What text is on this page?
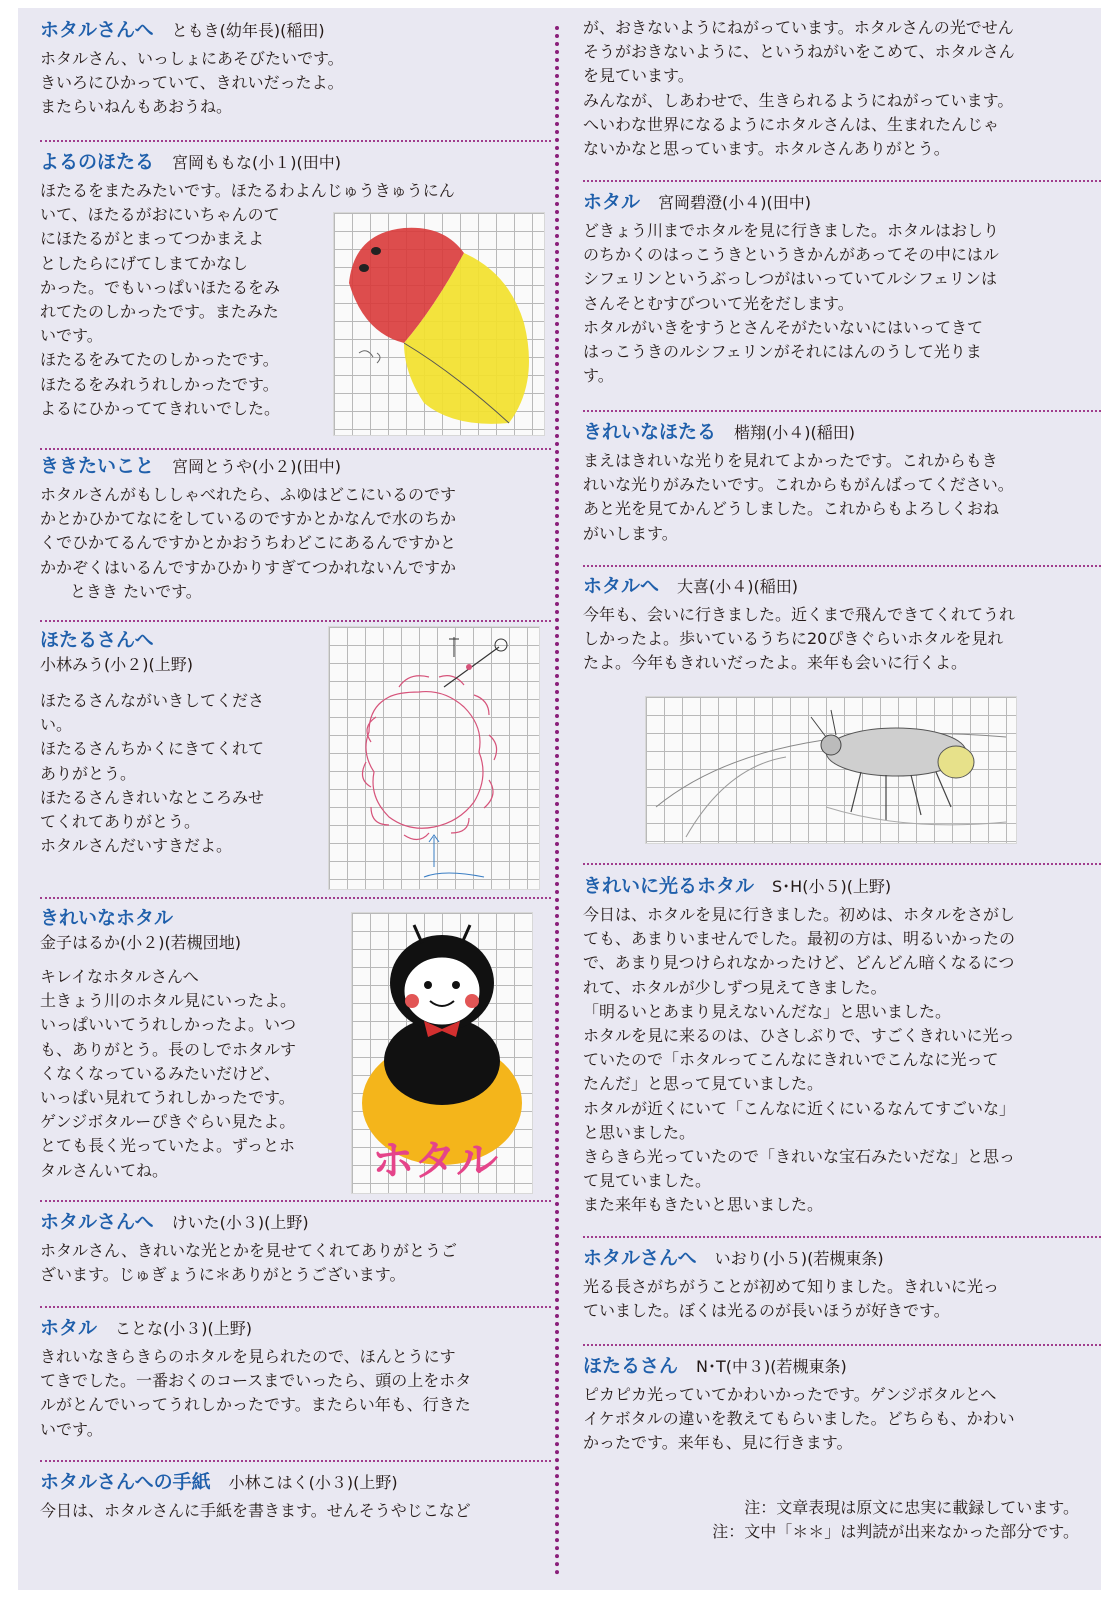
ホタルさんへ ともき(幼年長)(稲田)

ホタルさん、いっしょにあそびたいです。

きいろにひかっていて、きれいだったよ。

またらいねんもあおうね。

よるのほたる 宮岡ももな(小１)(田中)

ほたるをまたみたいです。ほたるわよんじゅうきゅうにん

いて、ほたるがおにいちゃんのて

にほたるがとまってつかまえよ

としたらにげてしまてかなし

かった。でもいっぱいほたるをみ

れてたのしかったです。またみた

いです。

ほたるをみてたのしかったです。

ほたるをみれうれしかったです。

よるにひかっててきれいでした。

ききたいこと 宮岡とうや(小２)(田中)

ホタルさんがもししゃべれたら、ふゆはどこにいるのです

かとかひかてなにをしているのですかとかなんで水のちか

くでひかてるんですかとかおうちわどこにあるんですかと

かかぞくはいるんですかひかりすぎてつかれないんですか

ときき たいです。

ほたるさんへ
小林みう(小２)(上野)

ほたるさんながいきしてくださ

い。

ほたるさんちかくにきてくれて

ありがとう。

ほたるさんきれいなところみせ

てくれてありがとう。

ホタルさんだいすきだよ。

きれいなホタル
金子はるか(小２)(若槻団地)

キレイなホタルさんへ

土きょう川のホタル見にいったよ。

いっぱいいてうれしかったよ。いつ

も、ありがとう。長のしでホタルす

くなくなっているみたいだけど、

いっぱい見れてうれしかったです。

ゲンジボタルーぴきぐらい見たよ。

とても長く光っていたよ。ずっとホ

タルさんいてね。	ホタル
ホタルさんへ けいた(小３)(上野)

ホタルさん、きれいな光とかを見せてくれてありがとうご

ざいます。じゅぎょうに＊ありがとうございます。

ホタル ことな(小３)(上野)

きれいなきらきらのホタルを見られたので、ほんとうにす

てきでした。一番おくのコースまでいったら、頭の上をホタ

ルがとんでいってうれしかったです。またらい年も、行きた

いです。

ホタルさんへの手紙 小林こはく(小３)(上野)

今日は、ホタルさんに手紙を書きます。せんそうやじこなど

が、おきないようにねがっています。ホタルさんの光でせん

そうがおきないように、というねがいをこめて、ホタルさん

を見ています。

みんなが、しあわせで、生きられるようにねがっています。

へいわな世界になるようにホタルさんは、生まれたんじゃ

ないかなと思っています。ホタルさんありがとう。

ホタル 宮岡碧澄(小４)(田中)

どきょう川までホタルを見に行きました。ホタルはおしり

のちかくのはっこうきというきかんがあってその中にはル

シフェリンというぶっしつがはいっていてルシフェリンは

さんそとむすびついて光をだします。

ホタルがいきをすうとさんそがたいないにはいってきて

はっこうきのルシフェリンがそれにはんのうして光りま

す。

きれいなほたる 楷翔(小４)(稲田)

まえはきれいな光りを見れてよかったです。これからもき

れいな光りがみたいです。これからもがんばってください。

あと光を見てかんどうしました。これからもよろしくおね

がいします。

ホタルへ 大喜(小４)(稲田)

今年も、会いに行きました。近くまで飛んできてくれてうれ

しかったよ。歩いているうちに20ぴきぐらいホタルを見れ

たよ。今年もきれいだったよ。来年も会いに行くよ。

きれいに光るホタル S･H(小５)(上野)

今日は、ホタルを見に行きました。初めは、ホタルをさがし

ても、あまりいませんでした。最初の方は、明るいかったの

で、あまり見つけられなかったけど、どんどん暗くなるにつ

れて、ホタルが少しずつ見えてきました。

「明るいとあまり見えないんだな」と思いました。

ホタルを見に来るのは、ひさしぶりで、すごくきれいに光っ

ていたので「ホタルってこんなにきれいでこんなに光って

たんだ」と思って見ていました。

ホタルが近くにいて「こんなに近くにいるなんてすごいな」

と思いました。

きらきら光っていたので「きれいな宝石みたいだな」と思っ

て見ていました。

また来年もきたいと思いました。

ホタルさんへ いおり(小５)(若槻東条)

光る長さがちがうことが初めて知りました。きれいに光っ

ていました。ぼくは光るのが長いほうが好きです。

ほたるさん N･T(中３)(若槻東条)

ピカピカ光っていてかわいかったです。ゲンジボタルとへ

イケボタルの違いを教えてもらいました。どちらも、かわい

かったです。来年も、見に行きます。

注：文章表現は原文に忠実に載録しています。
注：文中「＊＊」は判読が出来なかった部分です。
